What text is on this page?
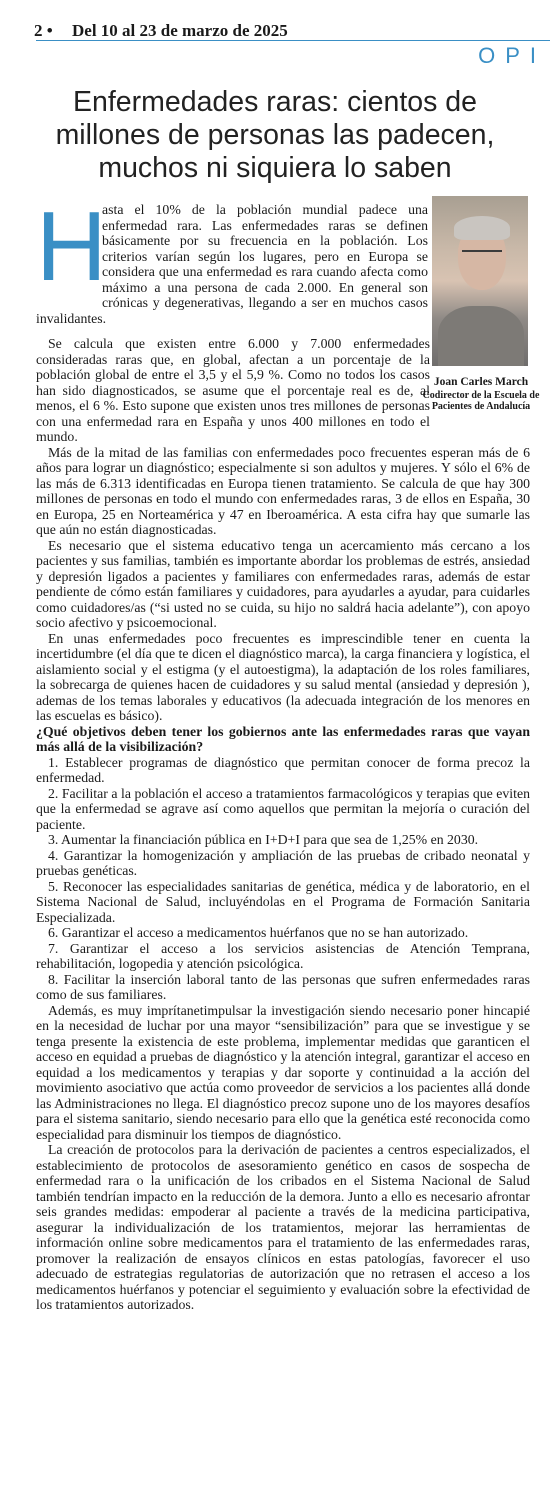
2 • Del 10 al 23 de marzo de 2025
OPI
Enfermedades raras: cientos de
millones de personas las padecen,
muchos ni siquiera lo saben
Joan Carles March
Codirector de la Escuela de Pacientes de Andalucía
H

asta el 10% de la población mundial padece una enfermedad rara. Las enfermedades raras se definen básicamente por su frecuencia en la población. Los criterios varían según los lugares, pero en Europa se considera que una enfermedad es rara cuando afecta como máximo a una persona de cada 2.000. En general son crónicas y degenerativas, llegando a ser en muchos casos invalidantes.

Se calcula que existen entre 6.000 y 7.000 enfermedades consideradas raras que, en global, afectan a un porcentaje de la población global de entre el 3,5 y el 5,9 %. Como no todos los casos han sido diagnosticados, se asume que el porcentaje real es de, al menos, el 6 %. Esto supone que existen unos tres millones de personas con una enfermedad rara en España y unos 400 millones en todo el mundo.

Más de la mitad de las familias con enfermedades poco frecuentes esperan más de 6 años para lograr un diagnóstico; especialmente si son adultos y mujeres. Y sólo el 6% de las más de 6.313 identificadas en Europa tienen tratamiento. Se calcula de que hay 300 millones de personas en todo el mundo con enfermedades raras, 3 de ellos en España, 30 en Europa, 25 en Norteamérica y 47 en Iberoamérica. A esta cifra hay que sumarle las que aún no están diagnosticadas.

Es necesario que el sistema educativo tenga un acercamiento más cercano a los pacientes y sus familias, también es importante abordar los problemas de estrés, ansiedad y depresión ligados a pacientes y familiares con enfermedades raras, además de estar pendiente de cómo están familiares y cuidadores, para ayudarles a ayudar, para cuidarles como cuidadores/as (“si usted no se cuida, su hijo no saldrá hacia adelante”), con apoyo socio afectivo y psicoemocional.

En unas enfermedades poco frecuentes es imprescindible tener en cuenta la incertidumbre (el día que te dicen el diagnóstico marca), la carga financiera y logística, el aislamiento social y el estigma (y el autoestigma), la adaptación de los roles familiares, la sobrecarga de quienes hacen de cuidadores y su salud mental (ansiedad y depresión ), ademas de los temas laborales y educativos (la adecuada integración de los menores en las escuelas es básico).

¿Qué objetivos deben tener los gobiernos ante las enfermedades raras que vayan más allá de la visibilización?

1. Establecer programas de diagnóstico que permitan conocer de forma precoz la enfermedad.

2. Facilitar a la población el acceso a tratamientos farmacológicos y terapias que eviten que la enfermedad se agrave así como aquellos que permitan la mejoría o curación del paciente.

3. Aumentar la financiación pública en I+D+I para que sea de 1,25% en 2030.

4. Garantizar la homogenización y ampliación de las pruebas de cribado neonatal y pruebas genéticas.

5. Reconocer las especialidades sanitarias de genética, médica y de laboratorio, en el Sistema Nacional de Salud, incluyéndolas en el Programa de Formación Sanitaria Especializada.

6. Garantizar el acceso a medicamentos huérfanos que no se han autorizado.

7. Garantizar el acceso a los servicios asistencias de Atención Temprana, rehabilitación, logopedia y atención psicológica.

8. Facilitar la inserción laboral tanto de las personas que sufren enfermedades raras como de sus familiares.

Además, es muy imprítanetimpulsar la investigación siendo necesario poner hincapié en la necesidad de luchar por una mayor “sensibilización” para que se investigue y se tenga presente la existencia de este problema, implementar medidas que garanticen el acceso en equidad a pruebas de diagnóstico y la atención integral, garantizar el acceso en equidad a los medicamentos y terapias y dar soporte y continuidad a la acción del movimiento asociativo que actúa como proveedor de servicios a los pacientes allá donde las Administraciones no llega. El diagnóstico precoz supone uno de los mayores desafíos para el sistema sanitario, siendo necesario para ello que la genética esté reconocida como especialidad para disminuir los tiempos de diagnóstico.

La creación de protocolos para la derivación de pacientes a centros especializados, el establecimiento de protocolos de asesoramiento genético en casos de sospecha de enfermedad rara o la unificación de los cribados en el Sistema Nacional de Salud también tendrían impacto en la reducción de la demora. Junto a ello es necesario afrontar seis grandes medidas: empoderar al paciente a través de la medicina participativa, asegurar la individualización de los tratamientos, mejorar las herramientas de información online sobre medicamentos para el tratamiento de las enfermedades raras, promover la realización de ensayos clínicos en estas patologías, favorecer el uso adecuado de estrategias regulatorias de autorización que no retrasen el acceso a los medicamentos huérfanos y potenciar el seguimiento y evaluación sobre la efectividad de los tratamientos autorizados.
